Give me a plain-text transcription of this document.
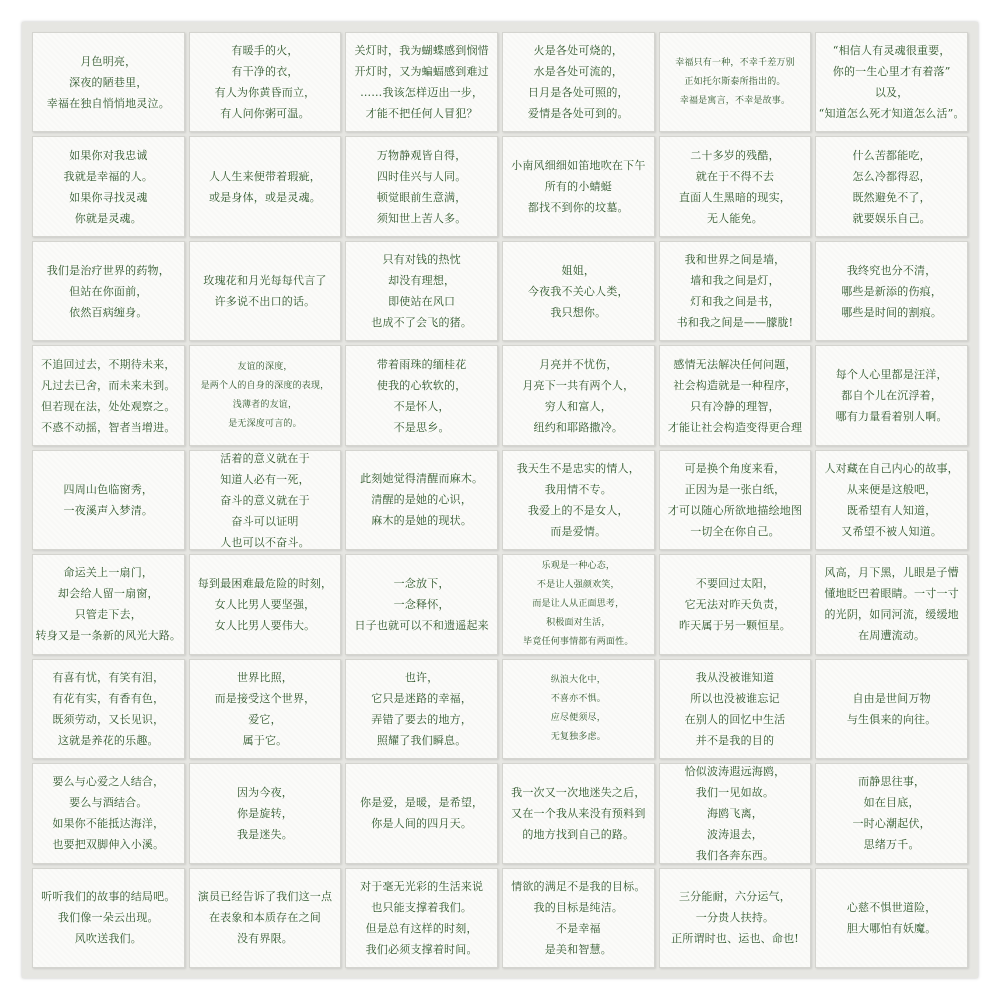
月色明亮，
深夜的陋巷里，
幸福在独自悄悄地灵泣。
有暖手的火，
有干净的衣，
有人为你黄昏而立，
有人问你粥可温。
关灯时，我为蝴蝶感到悯惜
开灯时，又为蝙蝠感到难过
……我该怎样迈出一步，
才能不把任何人冒犯？
火是各处可烧的，
水是各处可流的，
日月是各处可照的，
爱情是各处可到的。
幸福只有一种，不幸千差万别
正如托尔斯泰所指出的。
幸福是寓言，不幸是故事。
“相信人有灵魂很重要，
你的一生心里才有着落”
以及，
“知道怎么死才知道怎么活”。
如果你对我忠诚
我就是幸福的人。
如果你寻找灵魂
你就是灵魂。
人人生来便带着瑕疵，
或是身体，或是灵魂。
万物静观皆自得，
四时佳兴与人同。
顿觉眼前生意满，
须知世上苦人多。
小南风细细如笛地吹在下午
所有的小蜻蜓
都找不到你的坟墓。
二十多岁的残酷，
就在于不得不去
直面人生黑暗的现实，
无人能免。
什么苦都能吃，
怎么冷都得忍，
既然避免不了，
就要娱乐自己。
我们是治疗世界的药物，
但站在你面前，
依然百病缠身。
玫瑰花和月光每每代言了
许多说不出口的话。
只有对钱的热忱
却没有理想，
即使站在风口
也成不了会飞的猪。
姐姐，
今夜我不关心人类，
我只想你。
我和世界之间是墙，
墙和我之间是灯，
灯和我之间是书，
书和我之间是——朦胧!
我终究也分不清，
哪些是新添的伤痕，
哪些是时间的割痕。
不追回过去，不期待未来，
凡过去已舍，而未来未到。
但若现在法，处处观察之。
不惑不动摇，智者当增进。
友谊的深度，
是两个人的自身的深度的表现，
浅薄者的友谊，
是无深度可言的。
带着雨珠的缅桂花
使我的心软软的，
不是怀人，
不是思乡。
月亮并不忧伤，
月亮下一共有两个人，
穷人和富人，
纽约和耶路撒冷。
感情无法解决任何问题，
社会构造就是一种程序，
只有冷静的理智，
才能让社会构造变得更合理
每个人心里都是汪洋，
都自个儿在沉浮着，
哪有力量看着别人啊。
四周山色临窗秀，
一夜溪声入梦清。
活着的意义就在于
知道人必有一死，
奋斗的意义就在于
奋斗可以证明
人也可以不奋斗。
此刻她觉得清醒而麻木。
清醒的是她的心识，
麻木的是她的现状。
我天生不是忠实的情人，
我用情不专。
我爱上的不是女人，
而是爱情。
可是换个角度来看，
正因为是一张白纸，
才可以随心所欲地描绘地图
一切全在你自己。
人对藏在自己内心的故事，
从来便是这般吧，
既希望有人知道，
又希望不被人知道。
命运关上一扇门，
却会给人留一扇窗，
只管走下去，
转身又是一条新的风光大路。
每到最困难最危险的时刻，
女人比男人要坚强，
女人比男人要伟大。
一念放下，
一念释怀，
日子也就可以不和遗遥起来
乐观是一种心态，
不是让人强颜欢笑，
而是让人从正面思考，
积极面对生活，
毕竟任何事情都有两面性。
不要回过太阳，
它无法对昨天负责，
昨天属于另一颗恒星。
风高，月下黑，儿眼是子懵
懂地眨巴着眼睛。一寸一寸
的光阴，如同河流，缓缓地
在周遭流动。
有喜有忧，有笑有泪，
有花有实，有香有色，
既须劳动，又长见识，
这就是养花的乐趣。
世界比照，
而是接受这个世界，
爱它，
属于它。
也许，
它只是迷路的幸福，
弄错了要去的地方，
照耀了我们瞬息。
纵浪大化中，
不喜亦不惧。
应尽便须尽，
无复独多虑。
我从没被谁知道
所以也没被谁忘记
在别人的回忆中生活
并不是我的目的
自由是世间万物
与生俱来的向往。
要么与心爱之人结合，
要么与酒结合。
如果你不能抵达海洋，
也要把双脚伸入小溪。
因为今夜，
你是旋转，
我是迷失。
你是爱，是暖，是希望，
你是人间的四月天。
我一次又一次地迷失之后，
又在一个我从来没有预料到
的地方找到自己的路。
恰似波涛遐远海鸥，
我们一见如故。
海鸥飞离，
波涛退去，
我们各奔东西。
而静思往事，
如在目底，
一时心潮起伏，
思绪万千。
听听我们的故事的结局吧。
我们像一朵云出现。
风吹送我们。
演员已经告诉了我们这一点
在表象和本质存在之间
没有界限。
对于毫无光彩的生活来说
也只能支撑着我们。
但是总有这样的时刻，
我们必须支撑着时间。
情欲的满足不是我的目标。
我的目标是纯洁。
不是幸福
是美和智慧。
三分能耐，六分运气，
一分贵人扶持。
正所谓时也、运也、命也!
心慈不惧世道险，
胆大哪怕有妖魔。
